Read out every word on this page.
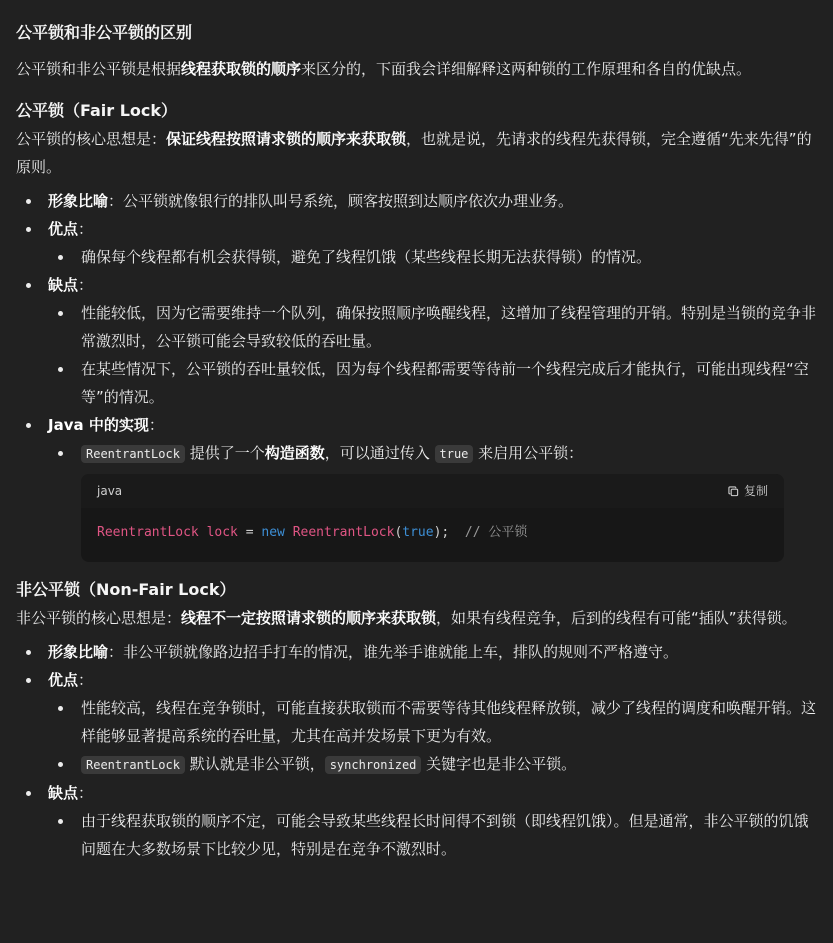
公平锁和非公平锁的区别

公平锁和非公平锁是根据线程获取锁的顺序来区分的，下面我会详细解释这两种锁的工作原理和各自的优缺点。

公平锁（Fair Lock）

公平锁的核心思想是：保证线程按照请求锁的顺序来获取锁，也就是说，先请求的线程先获得锁，完全遵循“先来先得”的原则。

形象比喻：公平锁就像银行的排队叫号系统，顾客按照到达顺序依次办理业务。
优点：
确保每个线程都有机会获得锁，避免了线程饥饿（某些线程长期无法获得锁）的情况。
缺点：
性能较低，因为它需要维持一个队列，确保按照顺序唤醒线程，这增加了线程管理的开销。特别是当锁的竞争非常激烈时，公平锁可能会导致较低的吞吐量。
在某些情况下，公平锁的吞吐量较低，因为每个线程都需要等待前一个线程完成后才能执行，可能出现线程“空等”的情况。
Java 中的实现：
ReentrantLock 提供了一个构造函数，可以通过传入 true 来启用公平锁：
java	复制
ReentrantLock lock = new ReentrantLock(true);  // 公平锁
非公平锁（Non-Fair Lock）

非公平锁的核心思想是：线程不一定按照请求锁的顺序来获取锁，如果有线程竞争，后到的线程有可能“插队”获得锁。

形象比喻：非公平锁就像路边招手打车的情况，谁先举手谁就能上车，排队的规则不严格遵守。
优点：
性能较高，线程在竞争锁时，可能直接获取锁而不需要等待其他线程释放锁，减少了线程的调度和唤醒开销。这样能够显著提高系统的吞吐量，尤其在高并发场景下更为有效。
ReentrantLock 默认就是非公平锁， synchronized 关键字也是非公平锁。
缺点：
由于线程获取锁的顺序不定，可能会导致某些线程长时间得不到锁（即线程饥饿）。但是通常，非公平锁的饥饿问题在大多数场景下比较少见，特别是在竞争不激烈时。
